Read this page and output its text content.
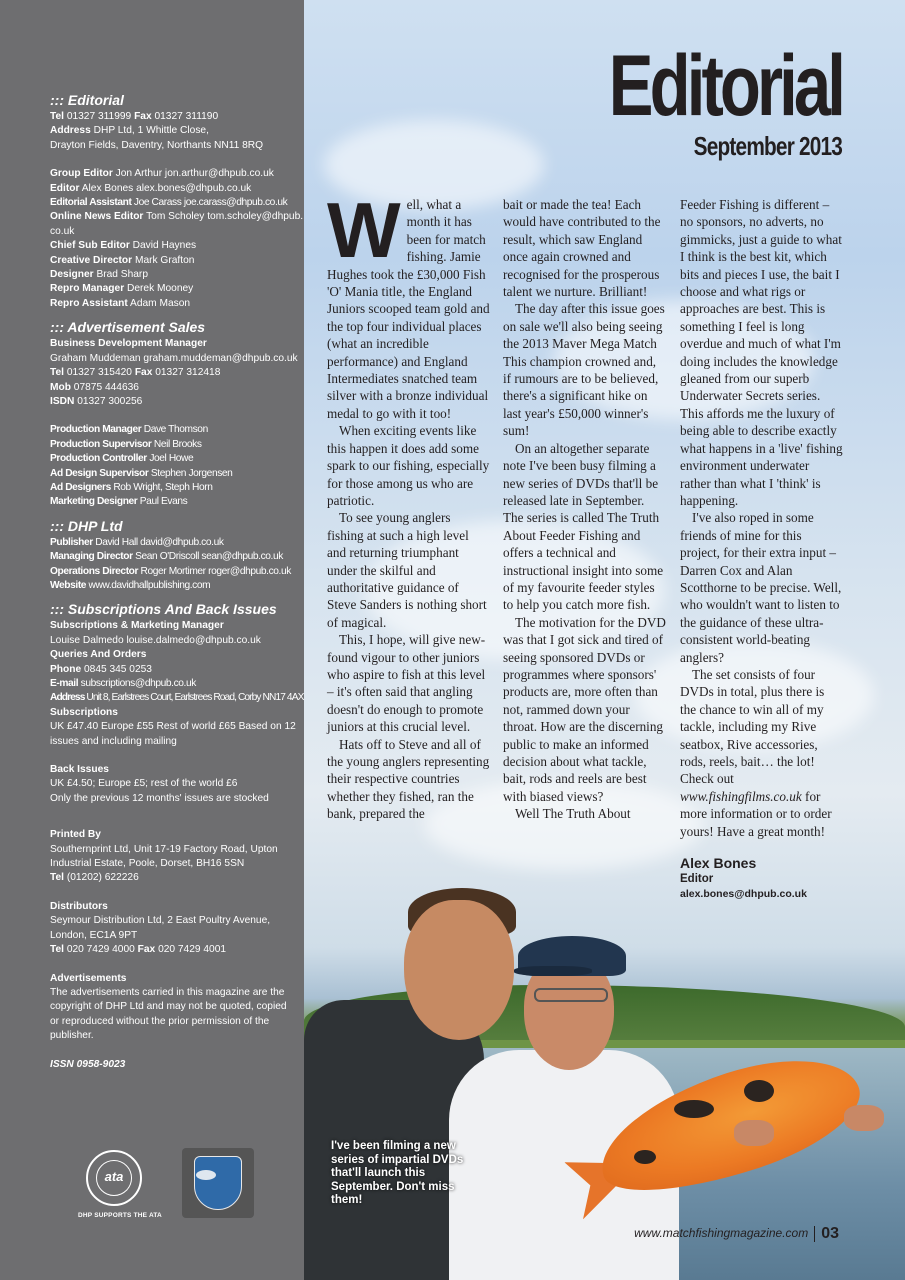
::: Editorial
Tel 01327 311999 Fax 01327 311190
Address DHP Ltd, 1 Whittle Close,
Drayton Fields, Daventry, Northants NN11 8RQ
Group Editor Jon Arthur jon.arthur@dhpub.co.uk
Editor Alex Bones alex.bones@dhpub.co.uk
Editorial Assistant Joe Carass joe.carass@dhpub.co.uk
Online News Editor Tom Scholey tom.scholey@dhpub.
co.uk
Chief Sub Editor David Haynes
Creative Director Mark Grafton
Designer Brad Sharp
Repro Manager Derek Mooney
Repro Assistant Adam Mason
::: Advertisement Sales
Business Development Manager
Graham Muddeman graham.muddeman@dhpub.co.uk
Tel 01327 315420 Fax 01327 312418
Mob 07875 444636
ISDN 01327 300256
Production Manager Dave Thomson
Production Supervisor Neil Brooks
Production Controller Joel Howe
Ad Design Supervisor Stephen Jorgensen
Ad Designers Rob Wright, Steph Horn
Marketing Designer Paul Evans
::: DHP Ltd
Publisher David Hall david@dhpub.co.uk
Managing Director Sean O'Driscoll sean@dhpub.co.uk
Operations Director Roger Mortimer roger@dhpub.co.uk
Website www.davidhallpublishing.com
::: Subscriptions And Back Issues
Subscriptions & Marketing Manager
Louise Dalmedo louise.dalmedo@dhpub.co.uk
Queries And Orders
Phone 0845 345 0253
E-mail subscriptions@dhpub.co.uk
Address Unit 8, Earlstrees Court, Earlstrees Road, Corby NN17 4AX
Subscriptions
UK £47.40 Europe £55 Rest of world £65 Based on 12
issues and including mailing
Back Issues
UK £4.50; Europe £5; rest of the world £6
Only the previous 12 months' issues are stocked
Printed By
Southernprint Ltd, Unit 17-19 Factory Road, Upton
Industrial Estate, Poole, Dorset, BH16 5SN
Tel (01202) 622226
Distributors
Seymour Distribution Ltd, 2 East Poultry Avenue,
London, EC1A 9PT
Tel 020 7429 4000 Fax 020 7429 4001
Advertisements
The advertisements carried in this magazine are the
copyright of DHP Ltd and may not be quoted, copied
or reproduced without the prior permission of the
publisher.
ISSN 0958-9023
ata
DHP SUPPORTS THE ATA
Editorial
September 2013

Well, what a month it has been for match fishing. Jamie Hughes took the £30,000 Fish 'O' Mania title, the England Juniors scooped team gold and the top four individual places (what an incredible performance) and England Intermediates snatched team silver with a bronze individual medal to go with it too!

When exciting events like this happen it does add some spark to our fishing, especially for those among us who are patriotic.

To see young anglers fishing at such a high level and returning triumphant under the skilful and authoritative guidance of Steve Sanders is nothing short of magical.

This, I hope, will give new-found vigour to other juniors who aspire to fish at this level – it's often said that angling doesn't do enough to promote juniors at this crucial level.

Hats off to Steve and all of the young anglers representing their respective countries whether they fished, ran the bank, prepared the

bait or made the tea! Each would have contributed to the result, which saw England once again crowned and recognised for the prosperous talent we nurture. Brilliant!

The day after this issue goes on sale we'll also being seeing the 2013 Maver Mega Match This champion crowned and, if rumours are to be believed, there's a significant hike on last year's £50,000 winner's sum!

On an altogether separate note I've been busy filming a new series of DVDs that'll be released late in September. The series is called The Truth About Feeder Fishing and offers a technical and instructional insight into some of my favourite feeder styles to help you catch more fish.

The motivation for the DVD was that I got sick and tired of seeing sponsored DVDs or programmes where sponsors' products are, more often than not, rammed down your throat. How are the discerning public to make an informed decision about what tackle, bait, rods and reels are best with biased views?

Well The Truth About

Feeder Fishing is different – no sponsors, no adverts, no gimmicks, just a guide to what I think is the best kit, which bits and pieces I use, the bait I choose and what rigs or approaches are best. This is something I feel is long overdue and much of what I'm doing includes the knowledge gleaned from our superb Underwater Secrets series. This affords me the luxury of being able to describe exactly what happens in a 'live' fishing environment underwater rather than what I 'think' is happening.

I've also roped in some friends of mine for this project, for their extra input – Darren Cox and Alan Scotthorne to be precise. Well, who wouldn't want to listen to the guidance of these ultra-consistent world-beating anglers?

The set consists of four DVDs in total, plus there is the chance to win all of my tackle, including my Rive seatbox, Rive accessories, rods, reels, bait… the lot! Check out www.fishingfilms.co.uk for more information or to order yours! Have a great month!

Alex Bones
Editor
alex.bones@dhpub.co.uk
I've been filming a new series of impartial DVDs that'll launch this September. Don't miss them!
www.matchfishingmagazine.com 03
